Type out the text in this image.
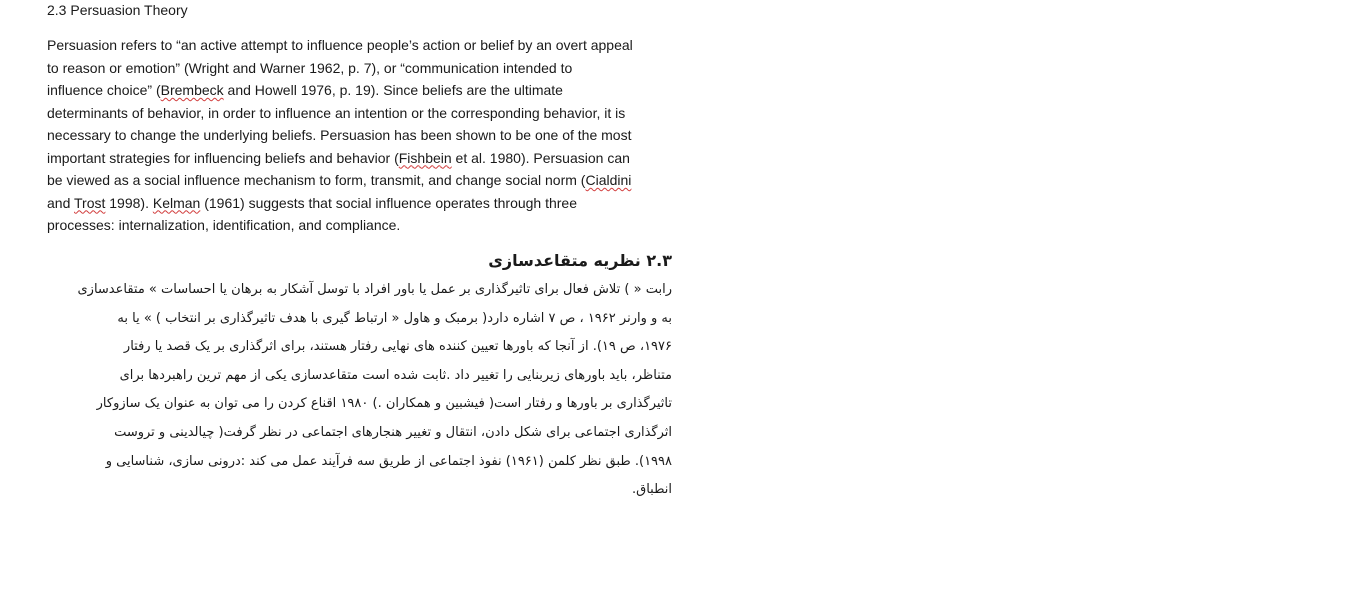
2.3 Persuasion Theory
Persuasion refers to “an active attempt to influence people’s action or belief by an overt appeal
to reason or emotion” (Wright and Warner 1962, p. 7), or “communication intended to
influence choice” (Brembeck and Howell 1976, p. 19). Since beliefs are the ultimate
determinants of behavior, in order to influence an intention or the corresponding behavior, it is
necessary to change the underlying beliefs. Persuasion has been shown to be one of the most
important strategies for influencing beliefs and behavior (Fishbein et al. 1980). Persuasion can
be viewed as a social influence mechanism to form, transmit, and change social norm (Cialdini
and Trost 1998). Kelman (1961) suggests that social influence operates through three
processes: internalization, identification, and compliance.
۲.۳ نظریه متقاعدسازی
رابت « ) تلاش فعال برای تاثیرگذاری بر عمل یا باور افراد با توسل آشکار به برهان یا احساسات » متقاعدسازی
به و وارنر ۱۹۶۲ ، ص ۷ اشاره دارد( برمبک و هاول « ارتباط گیری با هدف تاثیرگذاری بر انتخاب ) » یا به
۱۹۷۶، ص ۱۹). از آنجا که باورها تعیین کننده های نهایی رفتار هستند، برای اثرگذاری بر یک قصد یا رفتار
متناظر، باید باورهای زیربنایی را تغییر داد .ثابت شده است متقاعدسازی یکی از مهم ترین راهبردها برای
تاثیرگذاری بر باورها و رفتار است( فیشبین و همکاران .) ۱۹۸۰ اقناع کردن را می توان به عنوان یک سازوکار
اثرگذاری اجتماعی برای شکل دادن، انتقال و تغییر هنجارهای اجتماعی در نظر گرفت( چیالدینی و تروست
۱۹۹۸). طبق نظر کلمن (۱۹۶۱) نفوذ اجتماعی از طریق سه فرآیند عمل می کند :درونی سازی، شناسایی و
انطباق.
